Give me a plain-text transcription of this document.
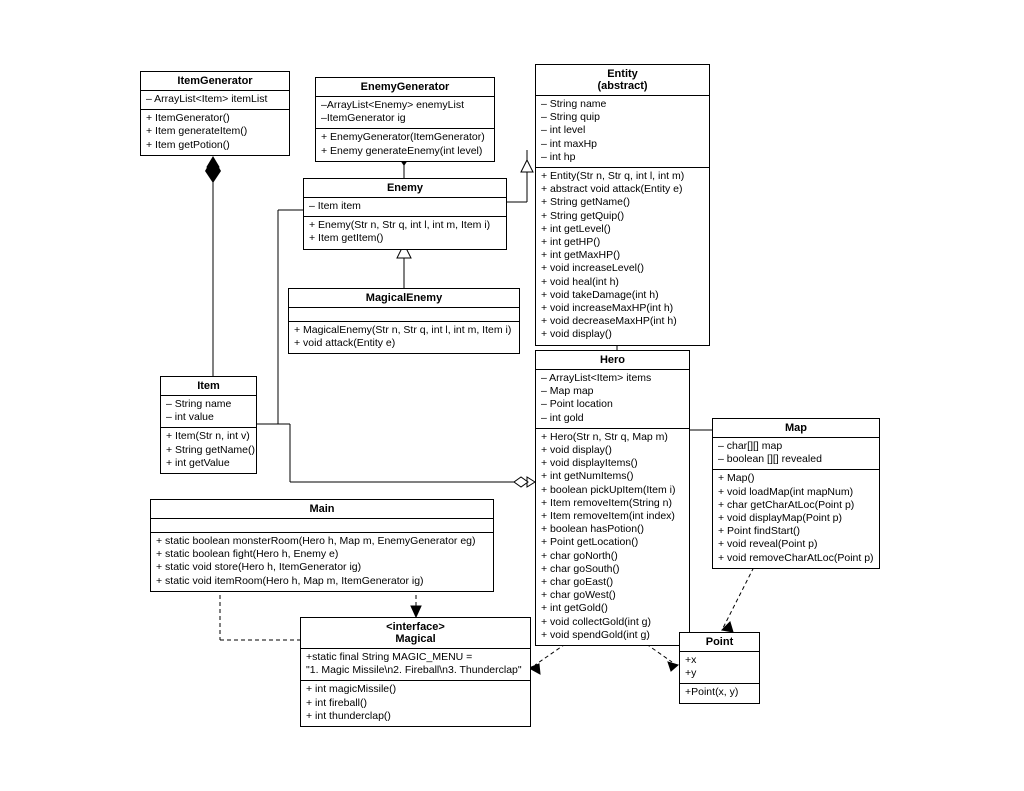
ItemGenerator
– ArrayList<Item> itemList
+ ItemGenerator()
+ Item generateItem()
+ Item getPotion()
EnemyGenerator
–ArrayList<Enemy> enemyList
–ItemGenerator ig
+ EnemyGenerator(ItemGenerator)
+ Enemy generateEnemy(int level)
Entity
(abstract)
– String name
– String quip
– int level
– int maxHp
– int hp
+ Entity(Str n, Str q, int l, int m)
+ abstract void attack(Entity e)
+ String getName()
+ String getQuip()
+ int getLevel()
+ int getHP()
+ int getMaxHP()
+ void increaseLevel()
+ void heal(int h)
+ void takeDamage(int h)
+ void increaseMaxHP(int h)
+ void decreaseMaxHP(int h)
+ void display()
Enemy
– Item item
+ Enemy(Str n, Str q, int l, int m, Item i)
+ Item getItem()
MagicalEnemy
+ MagicalEnemy(Str n, Str q, int l, int m, Item i)
+ void attack(Entity e)
Item
– String name
– int value
+ Item(Str n, int v)
+ String getName()
+ int getValue
Hero
– ArrayList<Item> items
– Map map
– Point location
– int gold
+ Hero(Str n, Str q, Map m)
+ void display()
+ void displayItems()
+ int getNumItems()
+ boolean pickUpItem(Item i)
+ Item removeItem(String n)
+ Item removeItem(int index)
+ boolean hasPotion()
+ Point getLocation()
+ char goNorth()
+ char goSouth()
+ char goEast()
+ char goWest()
+ int getGold()
+ void collectGold(int g)
+ void spendGold(int g)
Map
– char[][] map
– boolean [][] revealed
+ Map()
+ void loadMap(int mapNum)
+ char getCharAtLoc(Point p)
+ void displayMap(Point p)
+ Point findStart()
+ void reveal(Point p)
+ void removeCharAtLoc(Point p)
Main
+ static boolean monsterRoom(Hero h, Map m, EnemyGenerator eg)
+ static boolean fight(Hero h, Enemy e)
+ static void store(Hero h, ItemGenerator ig)
+ static void itemRoom(Hero h, Map m, ItemGenerator ig)
<interface>
Magical
+static final String MAGIC_MENU =
"1. Magic Missile\n2. Fireball\n3. Thunderclap"
+ int magicMissile()
+ int fireball()
+ int thunderclap()
Point
+x
+y
+Point(x, y)
